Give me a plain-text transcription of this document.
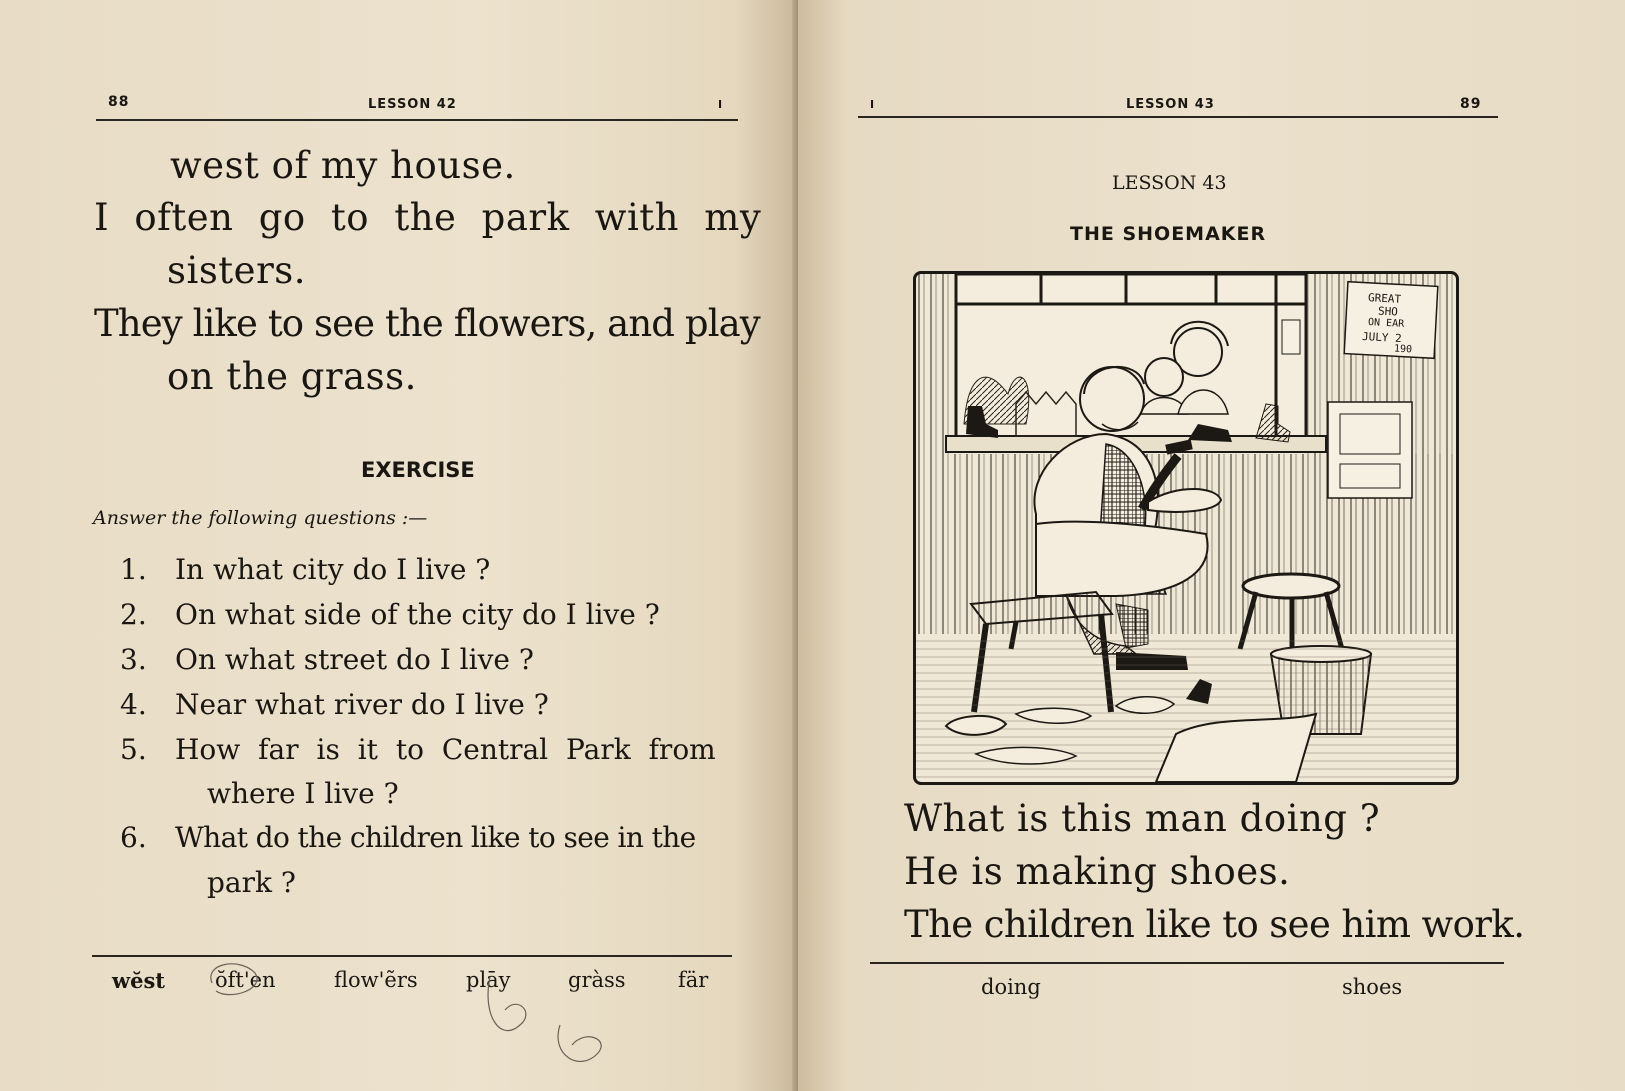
88	LESSON 42	I
west of my house.
I often go to the park with my
sisters.
They like to see the flowers, and play
on the grass.
EXERCISE
Answer the following questions :—
1. In what city do I live ?
2. On what side of the city do I live ?
3. On what street do I live ?
4. Near what river do I live ?
5. How far is it to Central Park from
where I live ?
6. What do the children like to see in the
park ?
wĕst ŏft'en	flow'ẽrs plāy	gràss fär
I	LESSON 43	89
LESSON 43
THE SHOEMAKER
What is this man doing ?
He is making shoes.
The children like to see him work.
doing	shoes
GREAT
SHO
ON EAR
JULY 2
190
